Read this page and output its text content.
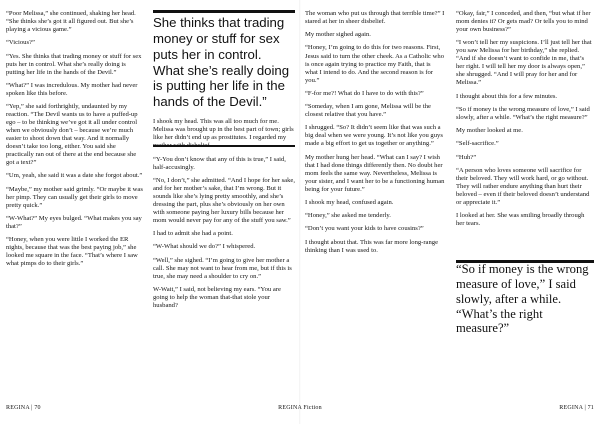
“Poor Melissa,” she continued, shaking her head. “She thinks she’s got it all figured out. But she’s playing a vicious game.”

“Vicious?”

“Yes. She thinks that trading money or stuff for sex puts her in control. What she’s really doing is putting her life in the hands of the Devil.”

“What?” I was incredulous. My mother had never spoken like this before.

“Yep,” she said forthrightly, undaunted by my reaction. “The Devil wants us to have a puffed-up ego – to be thinking we’ve got it all under control when we obviously don’t – because we’re much easier to shoot down that way. And it normally doesn’t take too long, either. You said she practically ran out of there at the end because she got a text?”

“Um, yeah, she said it was a date she forgot about.”

“Maybe,” my mother said grimly. “Or maybe it was her pimp. They can usually get their girls to move pretty quick.”

“W-What?” My eyes bulged. “What makes you say that?”

“Honey, when you were little I worked the ER nights, because that was the best paying job,” she looked me square in the face. “That’s where I saw what pimps do to their girls.”

She thinks that trading money or stuff for sex puts her in control. What she’s really doing is putting her life in the hands of the Devil.”

I shook my head. This was all too much for me. Melissa was brought up in the best part of town; girls like her didn’t end up as prostitutes. I regarded my

“Y-You don’t know that any of this is true,” I said, half-accusingly.

“No, I don’t,” she admitted. “And I hope for her sake, and for her mother’s sake, that I’m wrong. But it sounds like she’s lying pretty smoothly, and she’s dressing the part, plus she’s obviously on her own with someone paying her luxury bills because her mom would never pay for any of the stuff you saw.”

I had to admit she had a point.

“W-What should we do?” I whispered.

“Well,” she sighed. “I’m going to give her mother a call. She may not want to hear from me, but if this is true, she may need a shoulder to cry on.”

W-Wait,” I said, not believing my ears. “You are going to help the woman that-that stole your husband?

The woman who put us through that terrible time?” I stared at her in sheer disbelief.

My mother sighed again.

“Honey, I’m going to do this for two reasons. First, Jesus said to turn the other cheek. As a Catholic who is once again trying to practice my Faith, that is what I intend to do. And the second reason is for you.”

“F-for me?! What do I have to do with this?”

“Someday, when I am gone, Melissa will be the closest relative that you have.”

I shrugged. “So? It didn’t seem like that was such a big deal when we were young. It’s not like you guys made a big effort to get us together or anything.”

My mother hung her head. “What can I say? I wish that I had done things differently then. No doubt her mom feels the same way. Nevertheless, Melissa is your sister, and I want her to be a functioning human being for your future.”

I shook my head, confused again.

“Honey,” she asked me tenderly.

“Don’t you want your kids to have cousins?”

I thought about that. This was far more long-range thinking than I was used to.

“Okay, fair,” I conceded, and then, “but what if her mom denies it? Or gets mad? Or tells you to mind your own business?”

“I won’t tell her my suspicions. I’ll just tell her that you saw Melissa for her birthday,” she replied. “And if she doesn’t want to confide in me, that’s her right. I will tell her my door is always open,” she shrugged. “And I will pray for her and for Melissa.”

I thought about this for a few minutes.

“So if money is the wrong measure of love,” I said slowly, after a while. “What’s the right measure?”

My mother looked at me.

“Self-sacrifice.”

“Huh?”

“A person who loves someone will sacrifice for their beloved. They will work hard, or go without. They will rather endure anything than hurt their beloved – even if their beloved doesn’t understand or appreciate it.”

I looked at her. She was smiling broadly through her tears.

“So if money is the wrong measure of love,” I said slowly, after a while. “What’s the right measure?”

REGINA | 70	REGINA Fiction	REGINA | 71
